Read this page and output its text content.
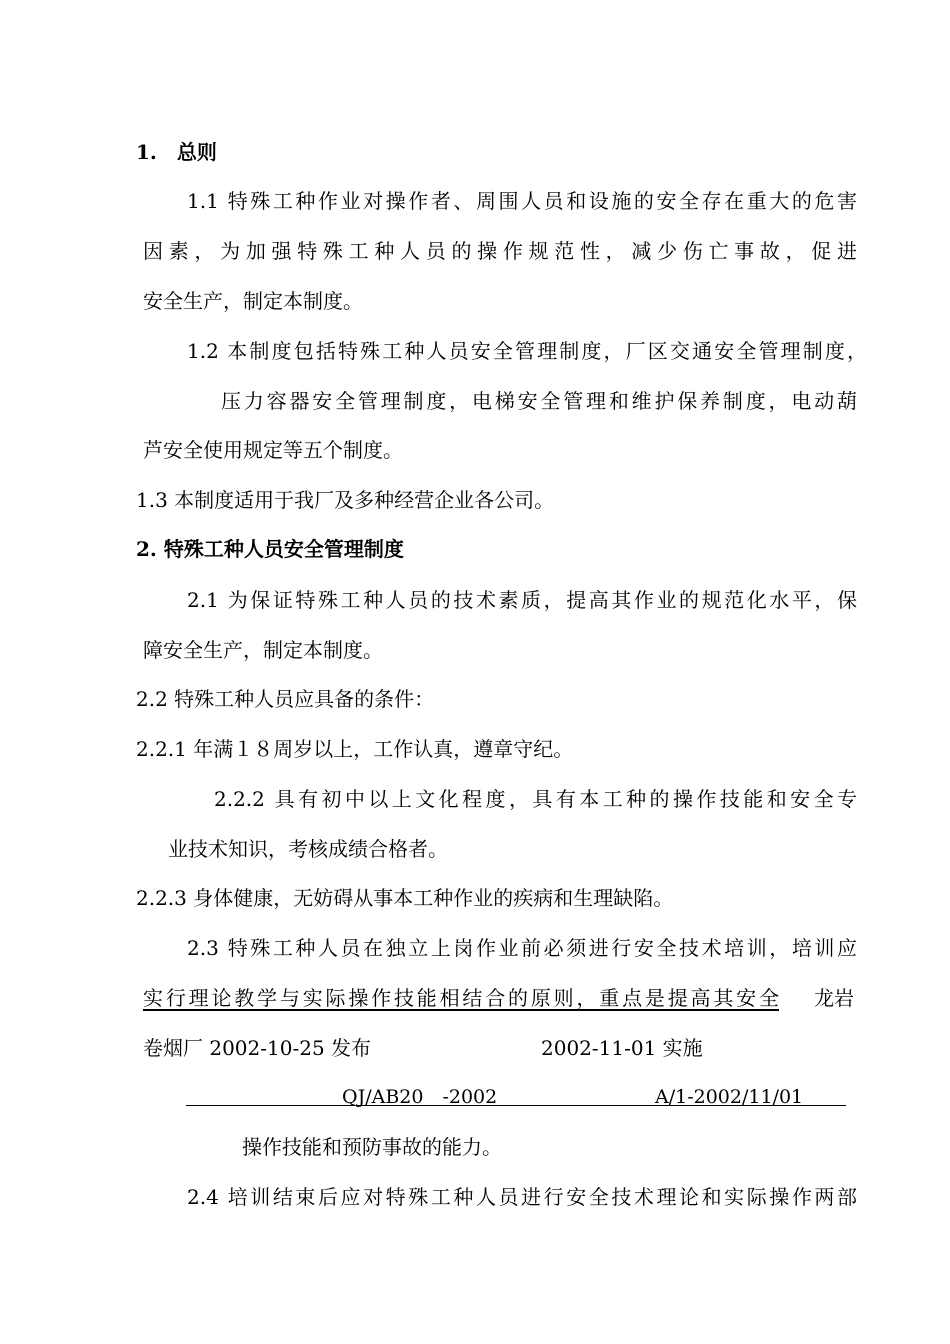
1.　总则
1.1 特殊工种作业对操作者、周围人员和设施的安全存在重大的危害
因素，为加强特殊工种人员的操作规范性，减少伤亡事故，促进
安全生产，制定本制度。
1.2 本制度包括特殊工种人员安全管理制度，厂区交通安全管理制度，
压力容器安全管理制度，电梯安全管理和维护保养制度，电动葫
芦安全使用规定等五个制度。
1.3 本制度适用于我厂及多种经营企业各公司。
2. 特殊工种人员安全管理制度
2.1 为保证特殊工种人员的技术素质，提高其作业的规范化水平，保
障安全生产，制定本制度。
2.2 特殊工种人员应具备的条件：
2.2.1 年满１８周岁以上，工作认真，遵章守纪。
2.2.2 具有初中以上文化程度，具有本工种的操作技能和安全专
业技术知识，考核成绩合格者。
2.2.3 身体健康，无妨碍从事本工种作业的疾病和生理缺陷。
2.3 特殊工种人员在独立上岗作业前必须进行安全技术培训，培训应
实行理论教学与实际操作技能相结合的原则，重点是提高其安全 龙岩
卷烟厂 2002-10-25 发布	2002-11-01 实施
QJ/AB20　-2002	A/1-2002/11/01
操作技能和预防事故的能力。
2.4 培训结束后应对特殊工种人员进行安全技术理论和实际操作两部
